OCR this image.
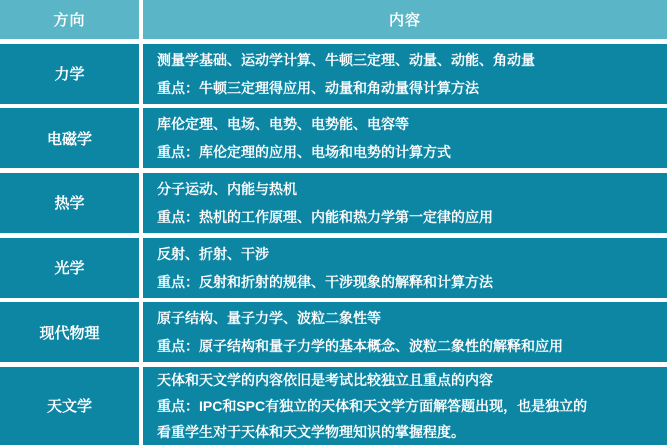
方向	内容
力学
测量学基础、运动学计算、牛顿三定理、动量、动能、角动量
重点：牛顿三定理得应用、动量和角动量得计算方法
电磁学
库伦定理、电场、电势、电势能、电容等
重点：库伦定理的应用、电场和电势的计算方式
热学
分子运动、内能与热机
重点：热机的工作原理、内能和热力学第一定律的应用
光学
反射、折射、干涉
重点：反射和折射的规律、干涉现象的解释和计算方法
现代物理
原子结构、量子力学、波粒二象性等
重点：原子结构和量子力学的基本概念、波粒二象性的解释和应用
天文学
天体和天文学的内容依旧是考试比较独立且重点的内容
重点：IPC和SPC有独立的天体和天文学方面解答题出现，也是独立的
看重学生对于天体和天文学物理知识的掌握程度。
